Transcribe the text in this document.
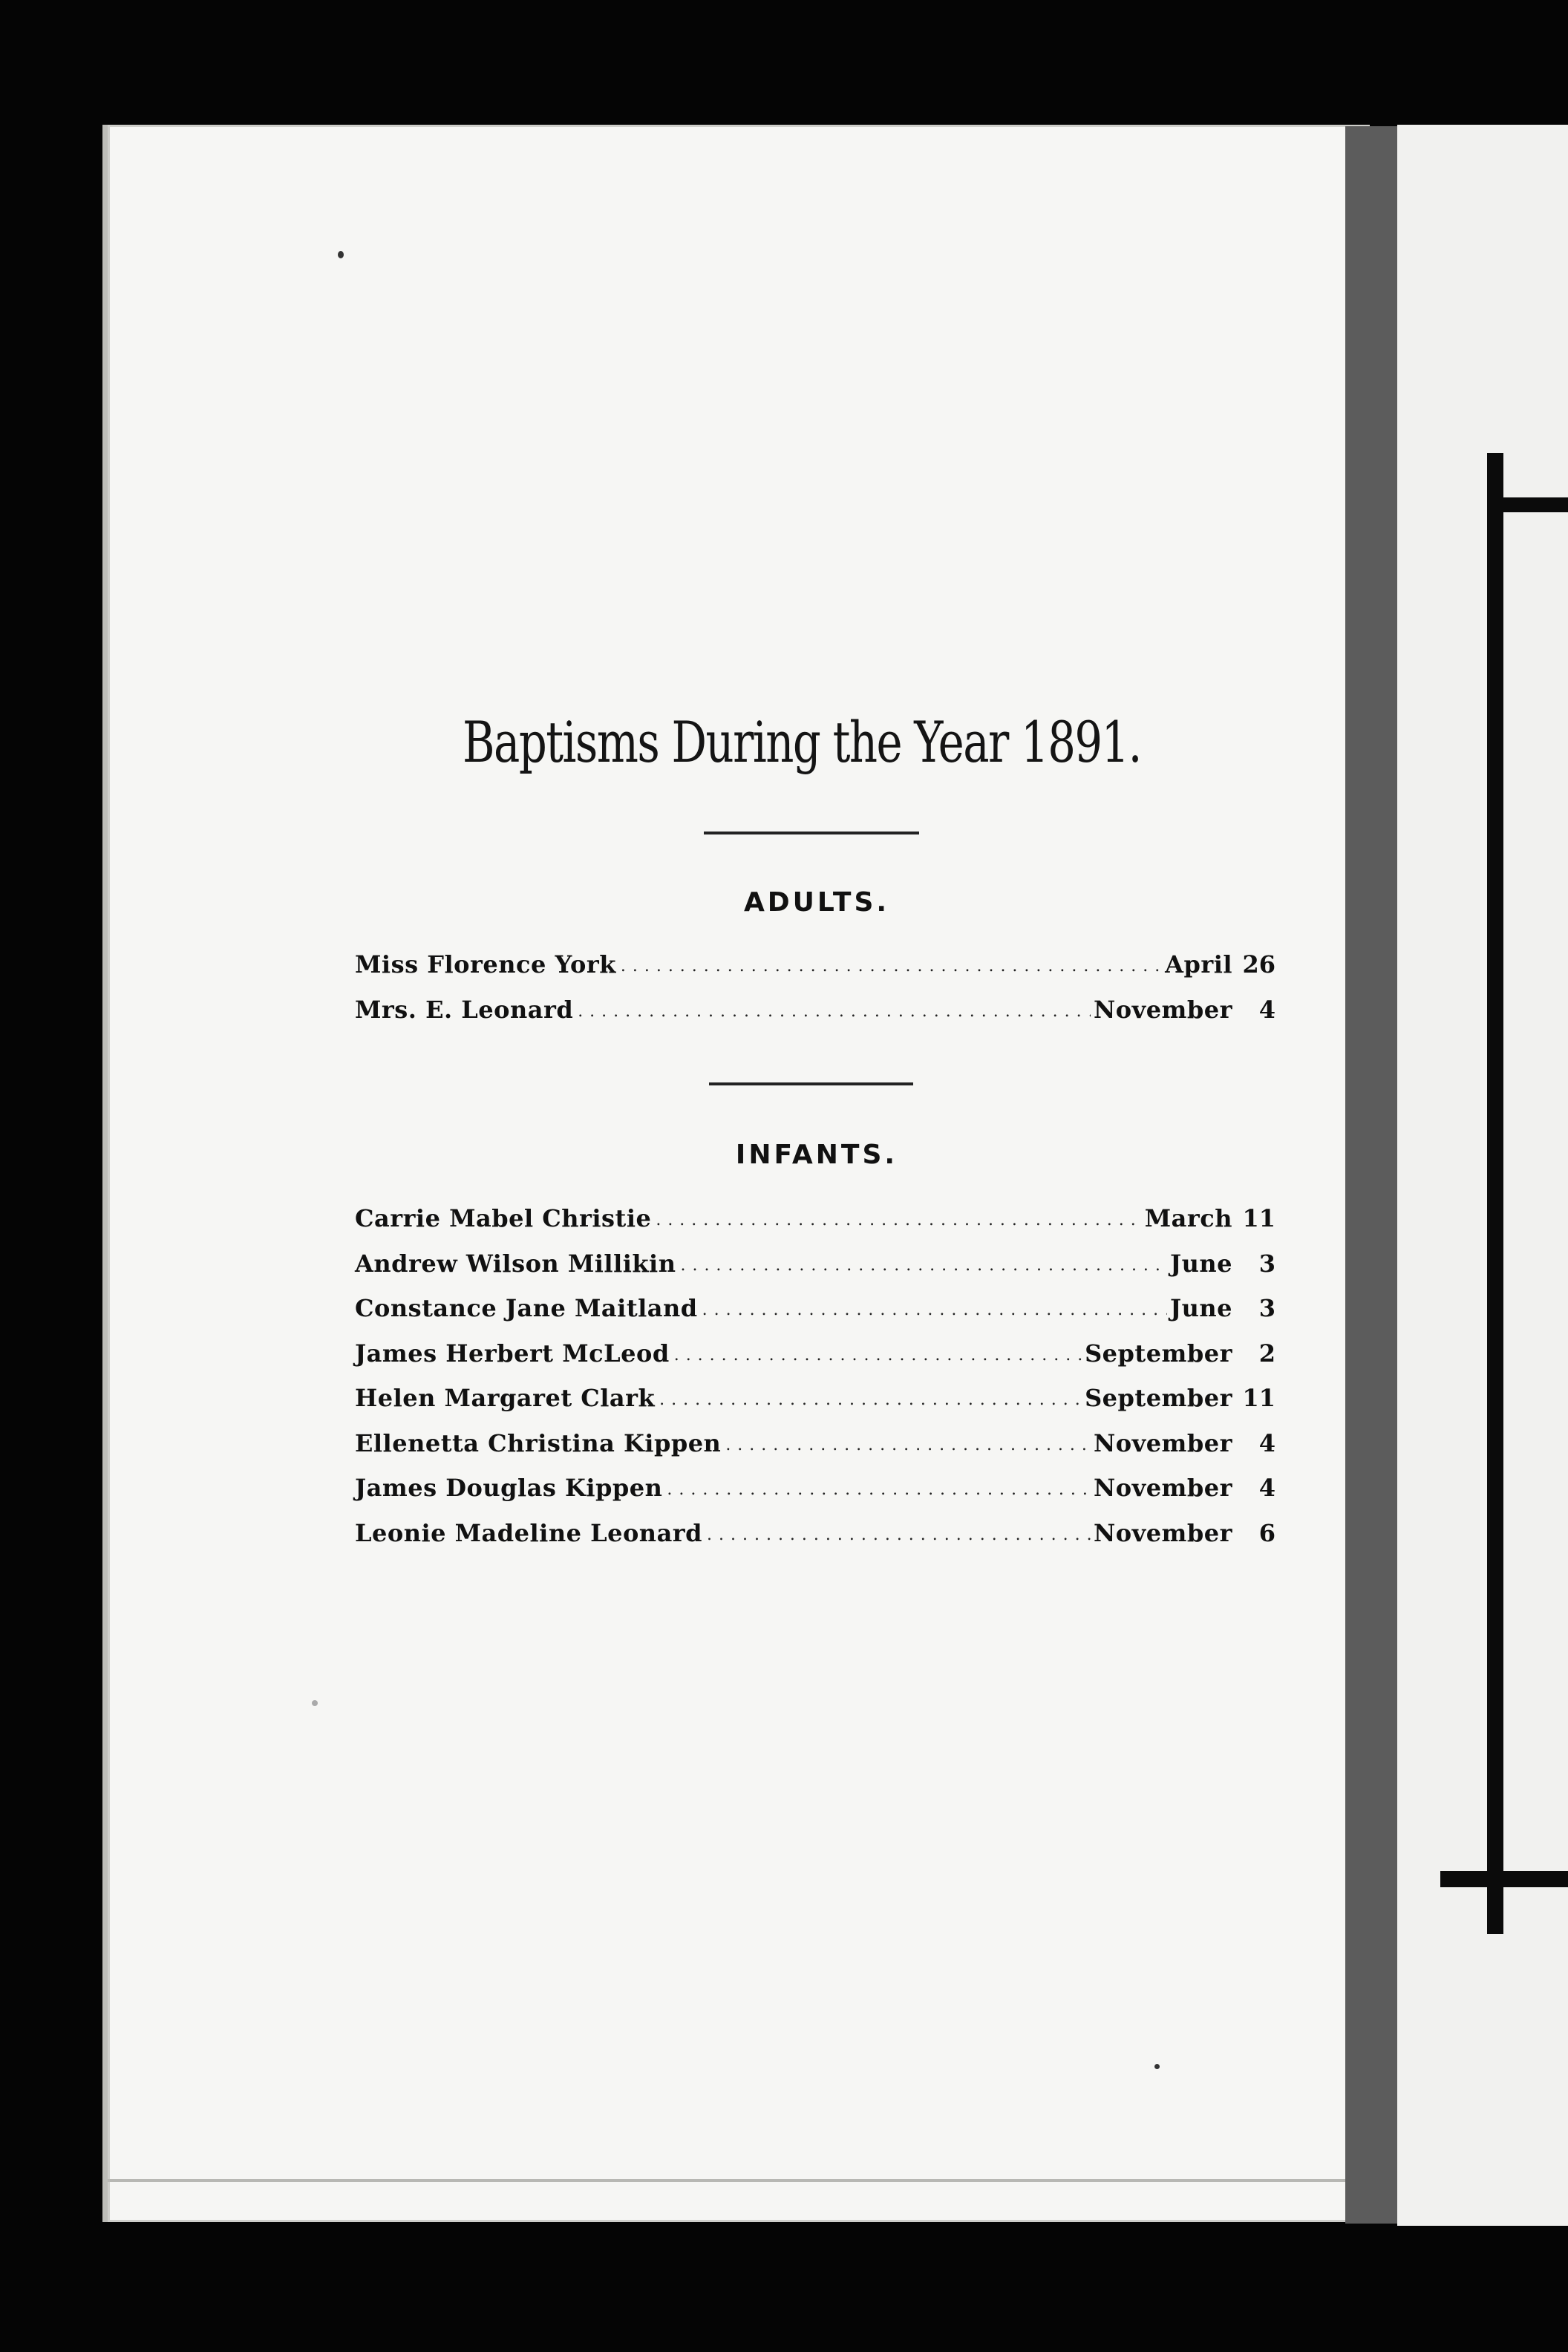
Baptisms During the Year 1891.
ADULTS.
Miss Florence York . . .	April 26
Mrs. E. Leonard . . .	November	4
INFANTS.
Carrie Mabel Christie . . .	March 11
Andrew Wilson Millikin . . .	June	3
Constance Jane Maitland . . .	June	3
James Herbert McLeod . . .	September	2
Helen Margaret Clark . . .	September 11
Ellenetta Christina Kippen . . .	November	4
James Douglas Kippen . . .	November	4
Leonie Madeline Leonard . . .	November	6
